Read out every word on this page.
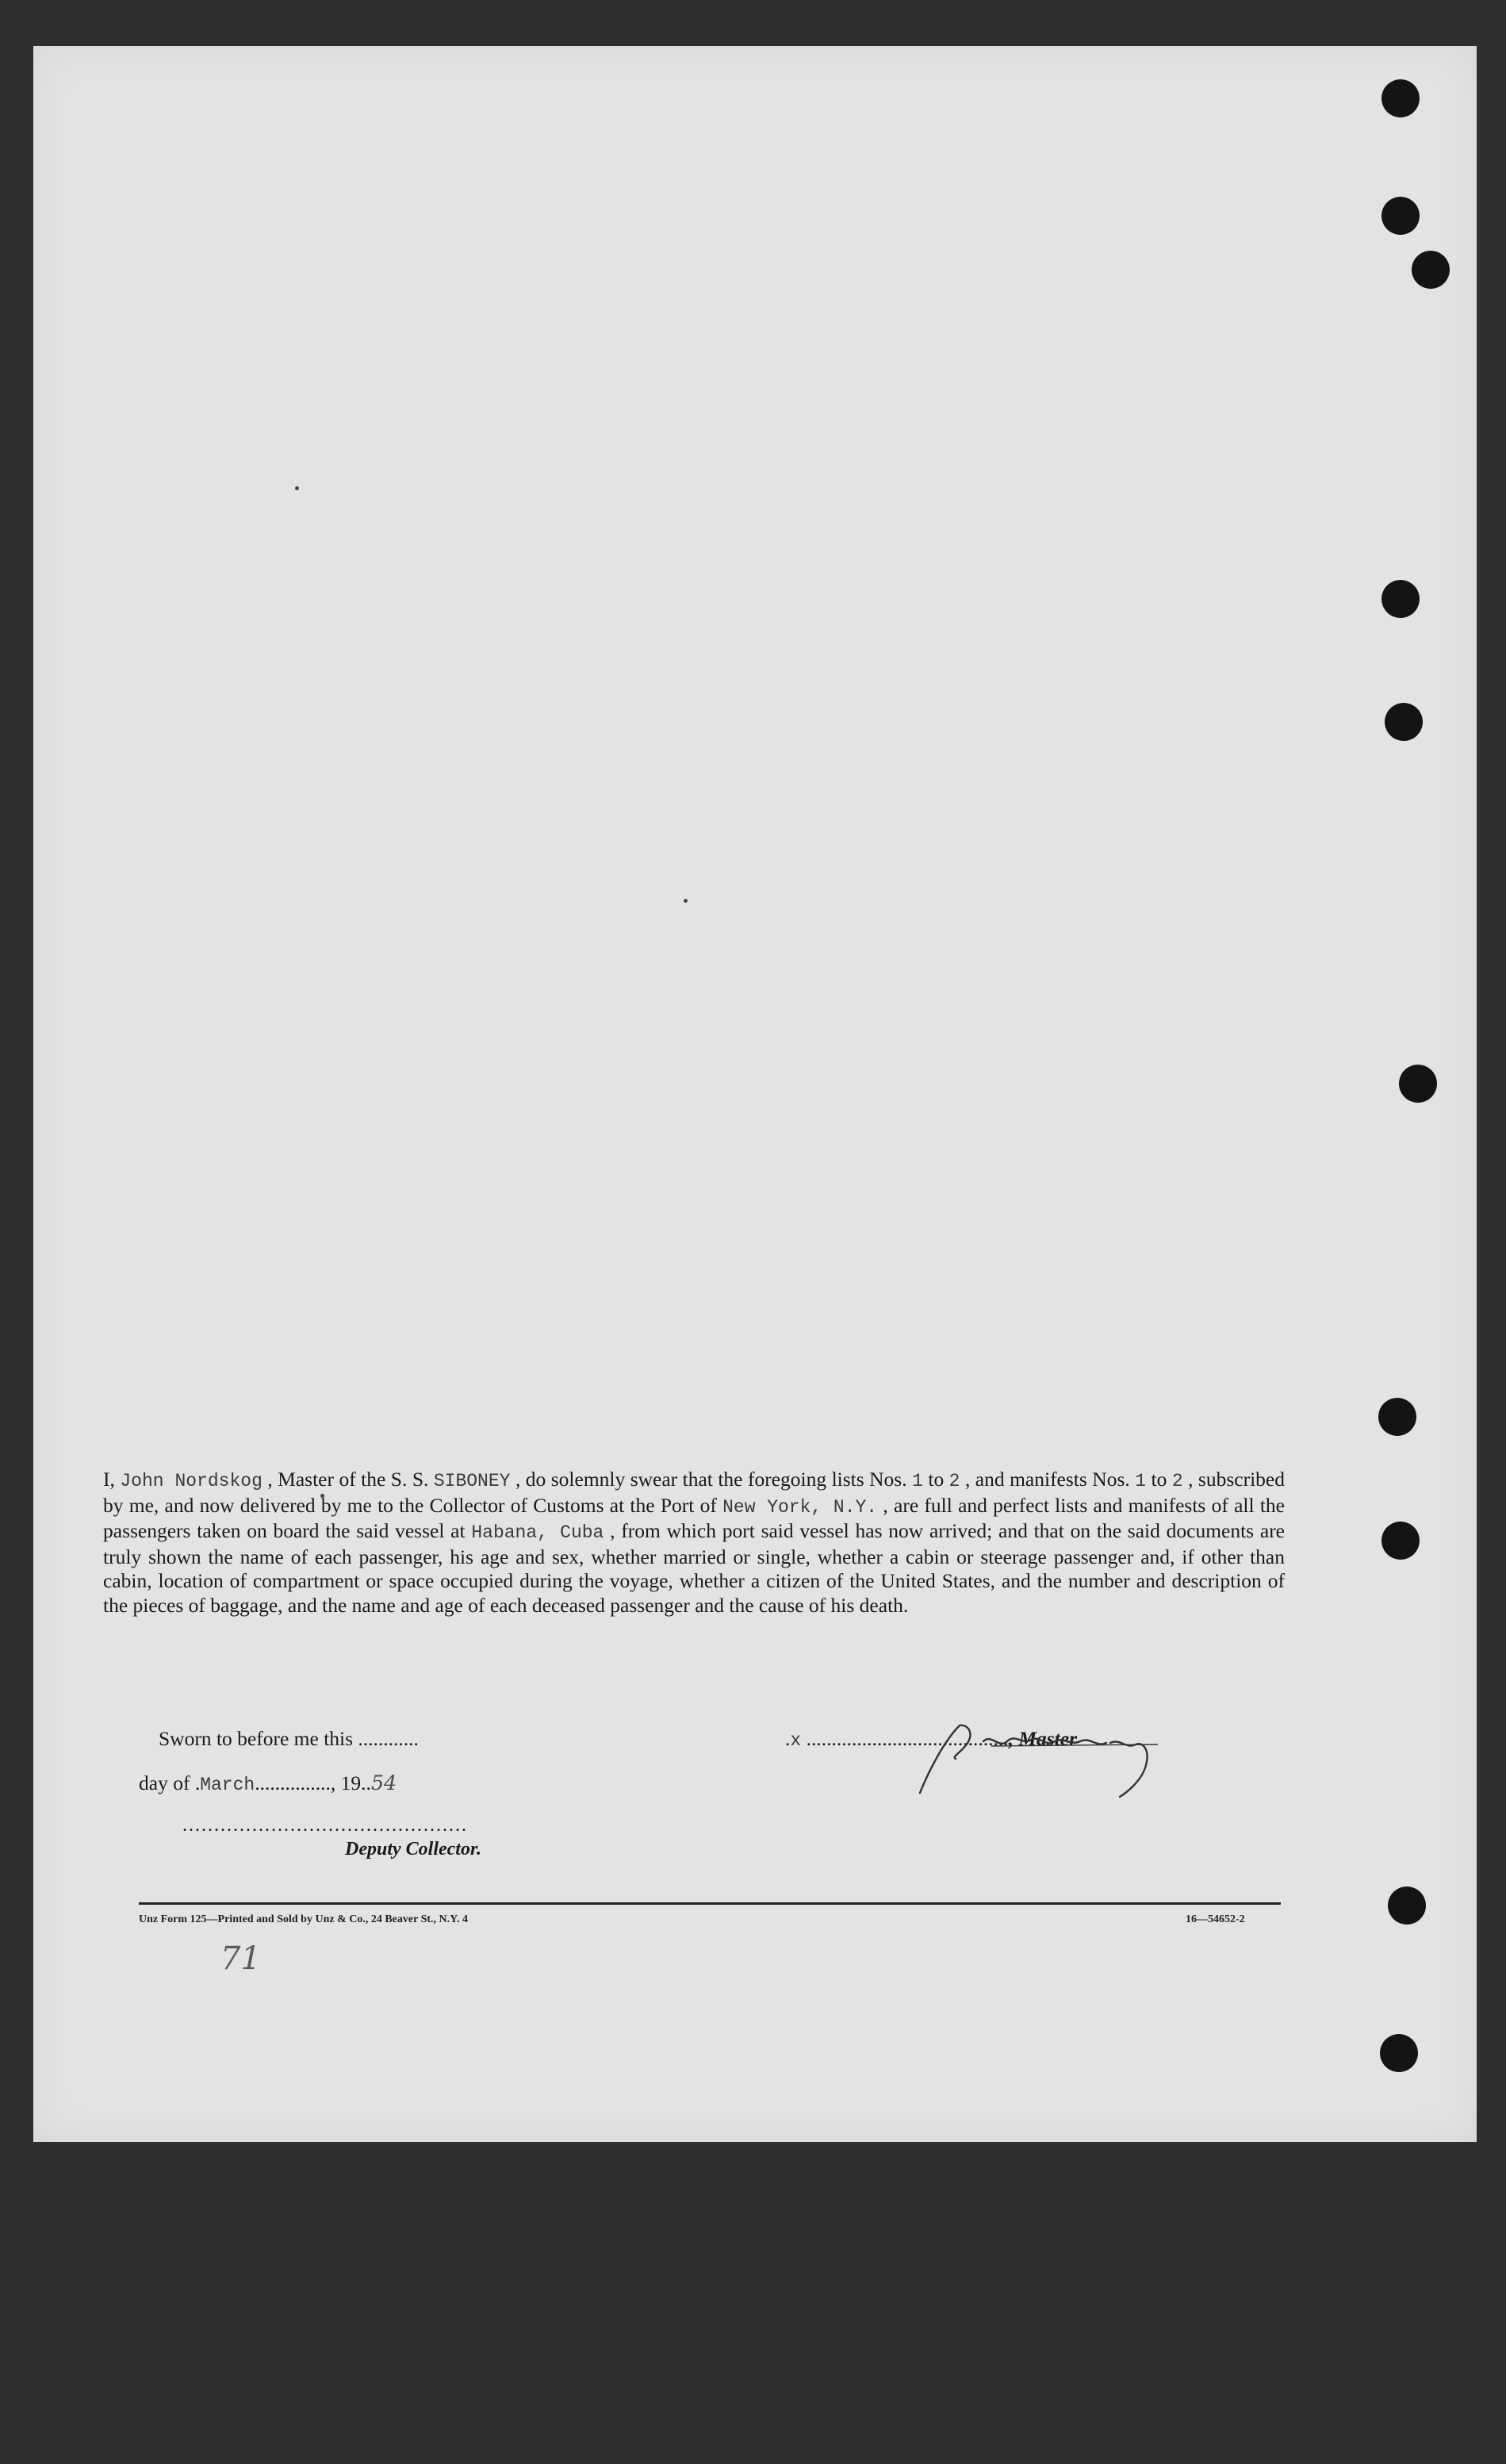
I, John Nordskog , Master of the S. S. SIBONEY , do solemnly swear that the foregoing lists Nos. 1 to 2 , and manifests Nos. 1 to 2 , subscribed by me, and now delivered by me to the Collector of Customs at the Port of New York, N.Y. , are full and perfect lists and manifests of all the passengers taken on board the said vessel at Habana, Cuba , from which port said vessel has now arrived; and that on the said documents are truly shown the name of each passenger, his age and sex, whether married or single, whether a cabin or steerage passenger and, if other than cabin, location of compartment or space occupied during the voyage, whether a citizen of the United States, and the number and description of the pieces of baggage, and the name and age of each deceased passenger and the cause of his death.
Sworn to before me this ............	.x ........................................, Master
day of .March..............., 19..54
.............................................
Deputy Collector.
Unz Form 125—Printed and Sold by Unz & Co., 24 Beaver St., N.Y. 4	16—54652-2
71
